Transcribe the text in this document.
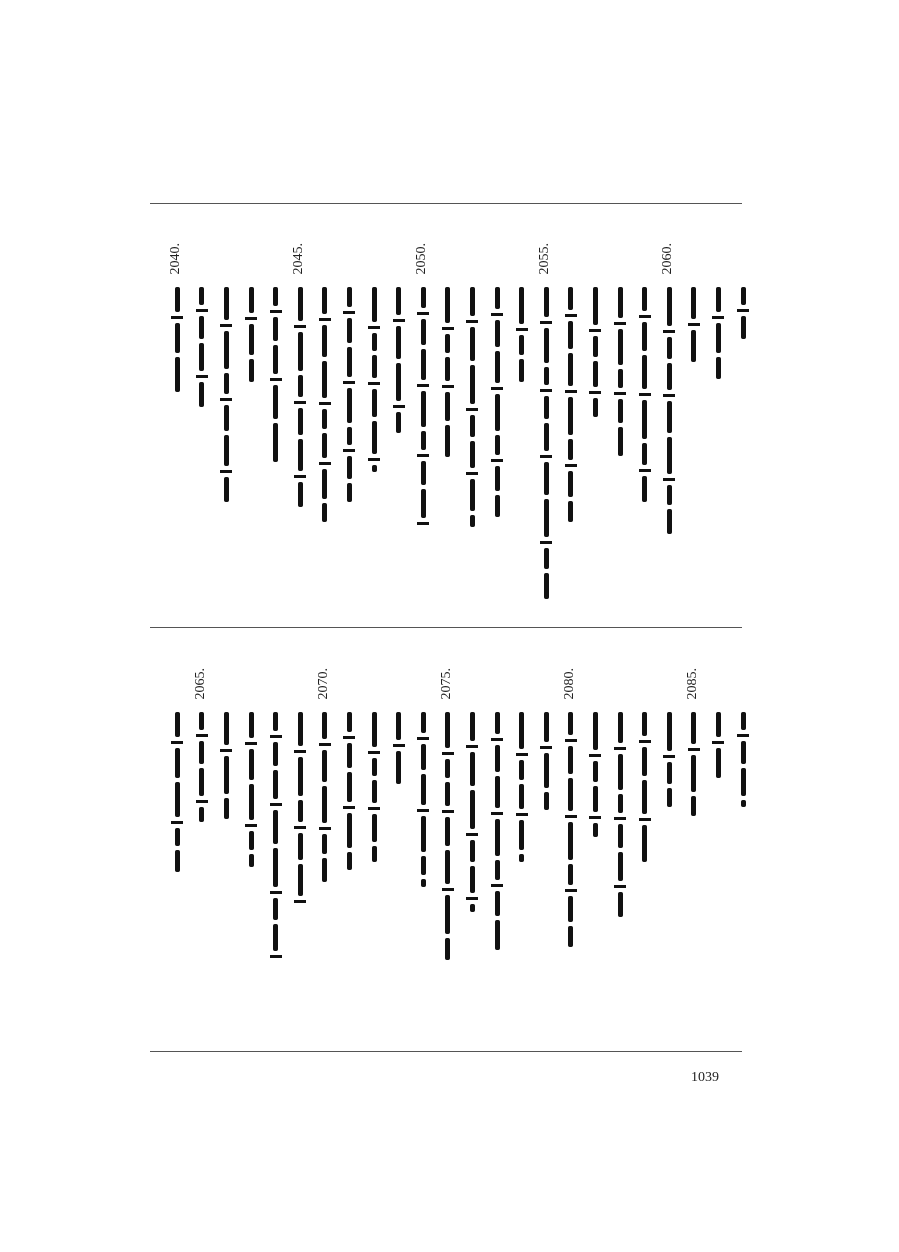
2060.
2055.
2050.
2045.
2040.
2085.
2080.
2075.
2070.
2065.
1039
